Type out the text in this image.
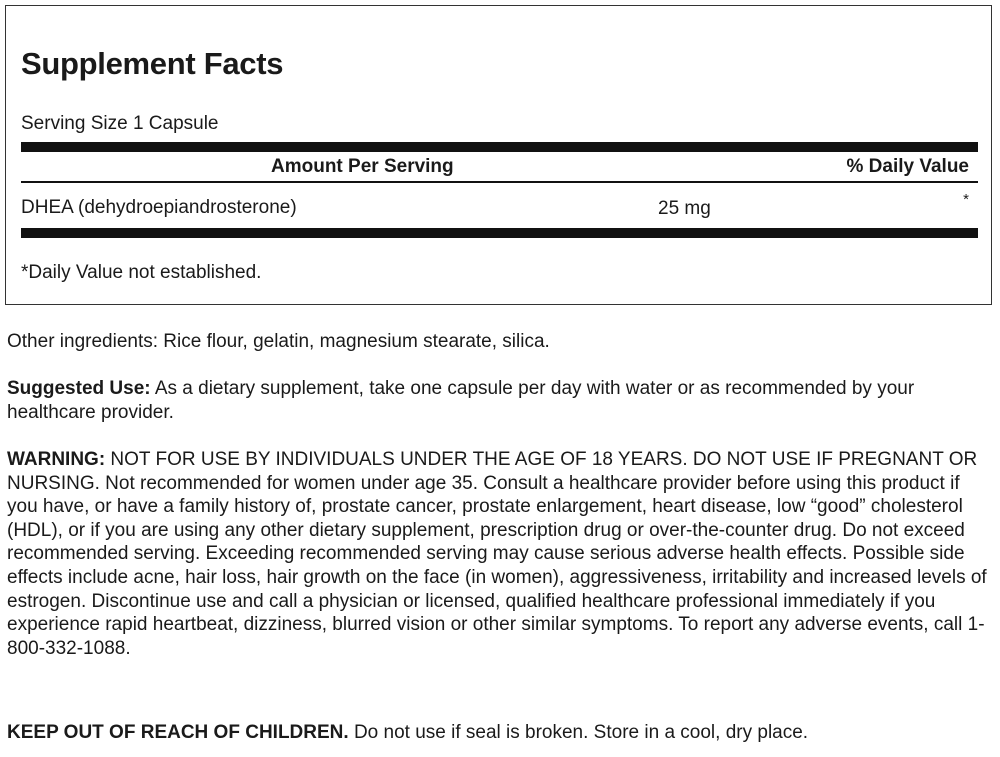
Supplement Facts
Serving Size 1 Capsule
Amount Per Serving	% Daily Value
DHEA (dehydroepiandrosterone)	25 mg	*
*Daily Value not established.

Other ingredients: Rice flour, gelatin, magnesium stearate, silica.

Suggested Use: As a dietary supplement, take one capsule per day with water or as recommended by your healthcare provider.

WARNING: NOT FOR USE BY INDIVIDUALS UNDER THE AGE OF 18 YEARS. DO NOT USE IF PREGNANT OR NURSING. Not recommended for women under age 35. Consult a healthcare provider before using this product if you have, or have a family history of, prostate cancer, prostate enlargement, heart disease, low “good” cholesterol (HDL), or if you are using any other dietary supplement, prescription drug or over-the-counter drug. Do not exceed recommended serving. Exceeding recommended serving may cause serious adverse health effects. Possible side effects include acne, hair loss, hair growth on the face (in women), aggressiveness, irritability and increased levels of estrogen. Discontinue use and call a physician or licensed, qualified healthcare professional immediately if you experience rapid heartbeat, dizziness, blurred vision or other similar symptoms. To report any adverse events, call 1-800-332-1088.

KEEP OUT OF REACH OF CHILDREN. Do not use if seal is broken. Store in a cool, dry place.
